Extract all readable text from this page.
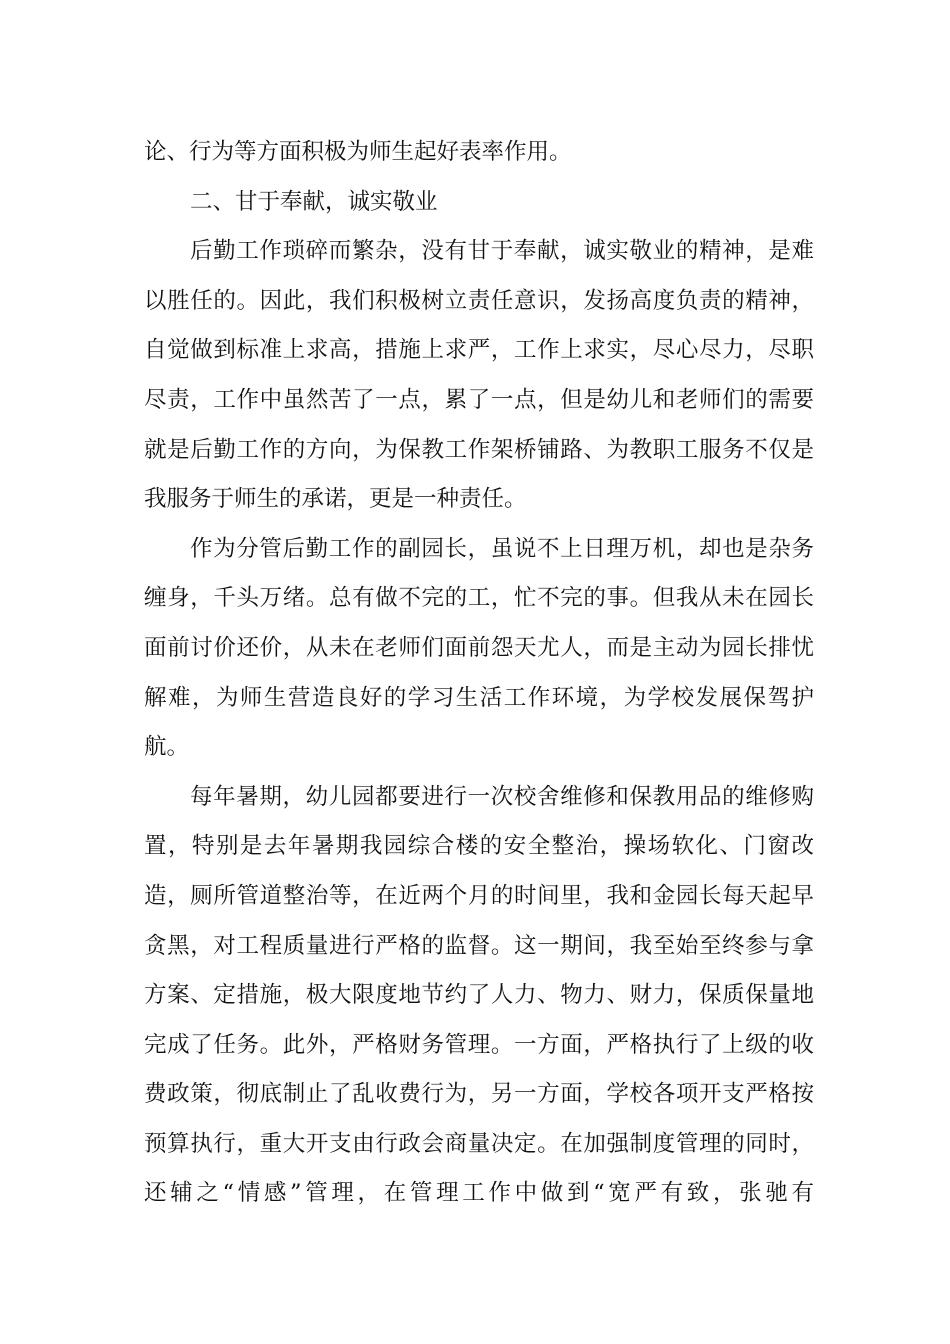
论、行为等方面积极为师生起好表率作用。
二、甘于奉献，诚实敬业
后勤工作琐碎而繁杂，没有甘于奉献，诚实敬业的精神，是难
以胜任的。因此，我们积极树立责任意识，发扬高度负责的精神，
自觉做到标准上求高，措施上求严，工作上求实，尽心尽力，尽职
尽责，工作中虽然苦了一点，累了一点，但是幼儿和老师们的需要
就是后勤工作的方向，为保教工作架桥铺路、为教职工服务不仅是
我服务于师生的承诺，更是一种责任。
作为分管后勤工作的副园长，虽说不上日理万机，却也是杂务
缠身，千头万绪。总有做不完的工，忙不完的事。但我从未在园长
面前讨价还价，从未在老师们面前怨天尤人，而是主动为园长排忧
解难，为师生营造良好的学习生活工作环境，为学校发展保驾护
航。
每年暑期，幼儿园都要进行一次校舍维修和保教用品的维修购
置，特别是去年暑期我园综合楼的安全整治，操场软化、门窗改
造，厕所管道整治等，在近两个月的时间里，我和金园长每天起早
贪黑，对工程质量进行严格的监督。这一期间，我至始至终参与拿
方案、定措施，极大限度地节约了人力、物力、财力，保质保量地
完成了任务。此外，严格财务管理。一方面，严格执行了上级的收
费政策，彻底制止了乱收费行为，另一方面，学校各项开支严格按
预算执行，重大开支由行政会商量决定。在加强制度管理的同时，
还辅之“情感”管理，在管理工作中做到“宽严有致，张驰有
